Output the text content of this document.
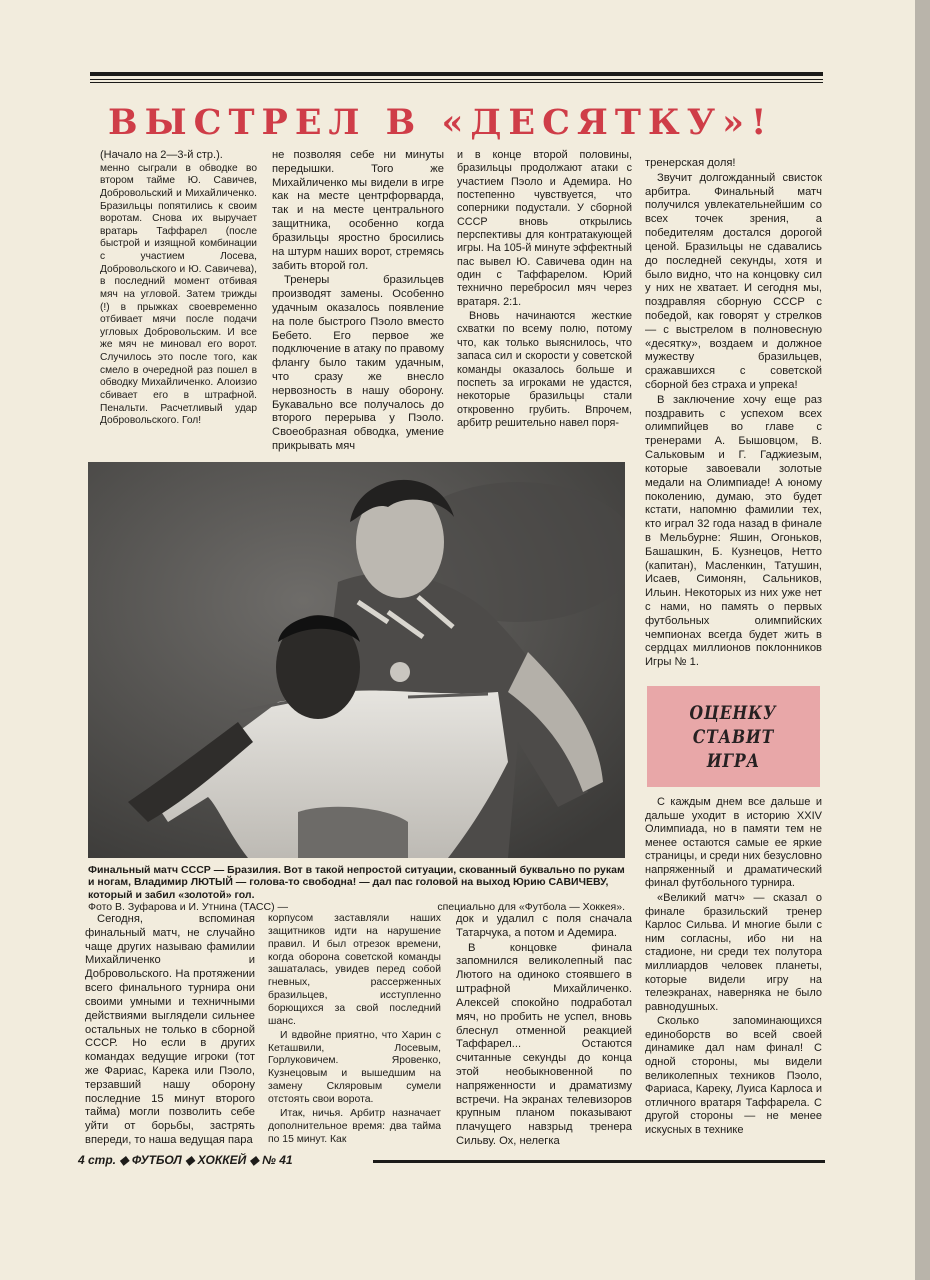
ВЫСТРЕЛ В «ДЕСЯТКУ»!

(Начало на 2—3-й стр.).

менно сыграли в обводке во втором тайме Ю. Савичев, Добровольский и Михайличенко. Бразильцы попятились к своим воротам. Снова их выручает вратарь Таффарел (после быстрой и изящной комбинации с участием Лосева, Добровольского и Ю. Савичева), в последний момент отбивая мяч на угловой. Затем трижды (!) в прыжках своевременно отбивает мячи после подачи угловых Добровольским. И все же мяч не миновал его ворот. Случилось это после того, как смело в очередной раз пошел в обводку Михайличенко. Алоизио сбивает его в штрафной. Пенальти. Расчетливый удар Добровольского. Гол!

не позволяя себе ни минуты передышки. Того же Михайличенко мы видели в игре как на месте центрфорварда, так и на месте центрального защитника, особенно когда бразильцы яростно бросились на штурм наших ворот, стремясь забить второй гол.

Тренеры бразильцев производят замены. Особенно удачным оказалось появление на поле быстрого Пэоло вместо Бебето. Его первое же подключение в атаку по правому флангу было таким удачным, что сразу же внесло нервозность в нашу оборону. Букавально все получалось до второго перерыва у Пэоло. Своеобразная обводка, умение прикрывать мяч

и в конце второй половины, бразильцы продолжают атаки с участием Пэоло и Адемира. Но постепенно чувствуется, что соперники подустали. У сборной СССР вновь открылись перспективы для контратакующей игры. На 105-й минуте эффектный пас вывел Ю. Савичева один на один с Таффарелом. Юрий технично перебросил мяч через вратаря. 2:1.

Вновь начинаются жесткие схватки по всему полю, потому что, как только выяснилось, что запаса сил и скорости у советской команды оказалось больше и поспеть за игроками не удастся, некоторые бразильцы стали откровенно грубить. Впрочем, арбитр решительно навел поря-

тренерская доля!

Звучит долгожданный свисток арбитра. Финальный матч получился увлекательнейшим со всех точек зрения, а победителям достался дорогой ценой. Бразильцы не сдавались до последней секунды, хотя и было видно, что на концовку сил у них не хватает. И сегодня мы, поздравляя сборную СССР с победой, как говорят у стрелков — с выстрелом в полновесную «десятку», воздаем и должное мужеству бразильцев, сражавшихся с советской сборной без страха и упрека!

В заключение хочу еще раз поздравить с успехом всех олимпийцев во главе с тренерами А. Бышовцом, В. Сальковым и Г. Гаджиезым, которые завоевали золотые медали на Олимпиаде! А юному поколению, думаю, это будет кстати, напомню фамилии тех, кто играл 32 года назад в финале в Мельбурне: Яшин, Огоньков, Башашкин, Б. Кузнецов, Нетто (капитан), Масленкин, Татушин, Исаев, Симонян, Сальников, Ильин. Некоторых из них уже нет с нами, но память о первых футбольных олимпийских чемпионах всегда будет жить в сердцах миллионов поклонников Игры № 1.

Финальный матч СССР — Бразилия. Вот в такой непростой ситуации, скованный буквально по рукам и ногам, Владимир ЛЮТЫЙ — голова-то свободна! — дал пас головой на выход Юрию САВИЧЕВУ, который и забил «золотой» гол.
Фото В. Зуфарова и И. Утнина (ТАСС) —	специально для «Футбола — Хоккея».
ОЦЕНКУ
СТАВИТ
ИГРА

С каждым днем все дальше и дальше уходит в историю XXIV Олимпиада, но в памяти тем не менее остаются самые ее яркие страницы, и среди них безусловно напряженный и драматический финал футбольного турнира.

«Великий матч» — сказал о финале бразильский тренер Карлос Сильва. И многие были с ним согласны, ибо ни на стадионе, ни среди тех полутора миллиардов человек планеты, которые видели игру на телеэкранах, наверняка не было равнодушных.

Сколько запоминающихся единоборств во всей своей динамике дал нам финал! С одной стороны, мы видели великолепных техников Пэоло, Фариаса, Кареку, Луиса Карлоса и отличного вратаря Таффарела. С другой стороны — не менее искусных в технике

Сегодня, вспоминая финальный матч, не случайно чаще других называю фамилии Михайличенко и Добровольского. На протяжении всего финального турнира они своими умными и техничными действиями выглядели сильнее остальных не только в сборной СССР. Но если в других командах ведущие игроки (тот же Фариас, Карека или Пэоло, терзавший нашу оборону последние 15 минут второго тайма) могли позволить себе уйти от борьбы, застрять впереди, то наша ведущая пара

корпусом заставляли наших защитников идти на нарушение правил. И был отрезок времени, когда оборона советской команды зашаталась, увидев перед собой гневных, рассерженных бразильцев, исступленно борющихся за свой последний шанс.

И вдвойне приятно, что Харин с Кеташвили, Лосевым, Горлуковичем. Яровенко, Кузнецовым и вышедшим на замену Скляровым сумели отстоять свои ворота.

Итак, ничья. Арбитр назначает дополнительное время: два тайма по 15 минут. Как

док и удалил с поля сначала Татарчука, а потом и Адемира.

В концовке финала запомнился великолепный пас Лютого на одиноко стоявшего в штрафной Михайличенко. Алексей спокойно подработал мяч, но пробить не успел, вновь блеснул отменной реакцией Таффарел... Остаются считанные секунды до конца этой необыкновенной по напряженности и драматизму встречи. На экранах телевизоров крупным планом показывают плачущего навзрыд тренера Сильву. Ох, нелегка

4 стр. ◆ ФУТБОЛ ◆ ХОККЕЙ ◆ № 41
